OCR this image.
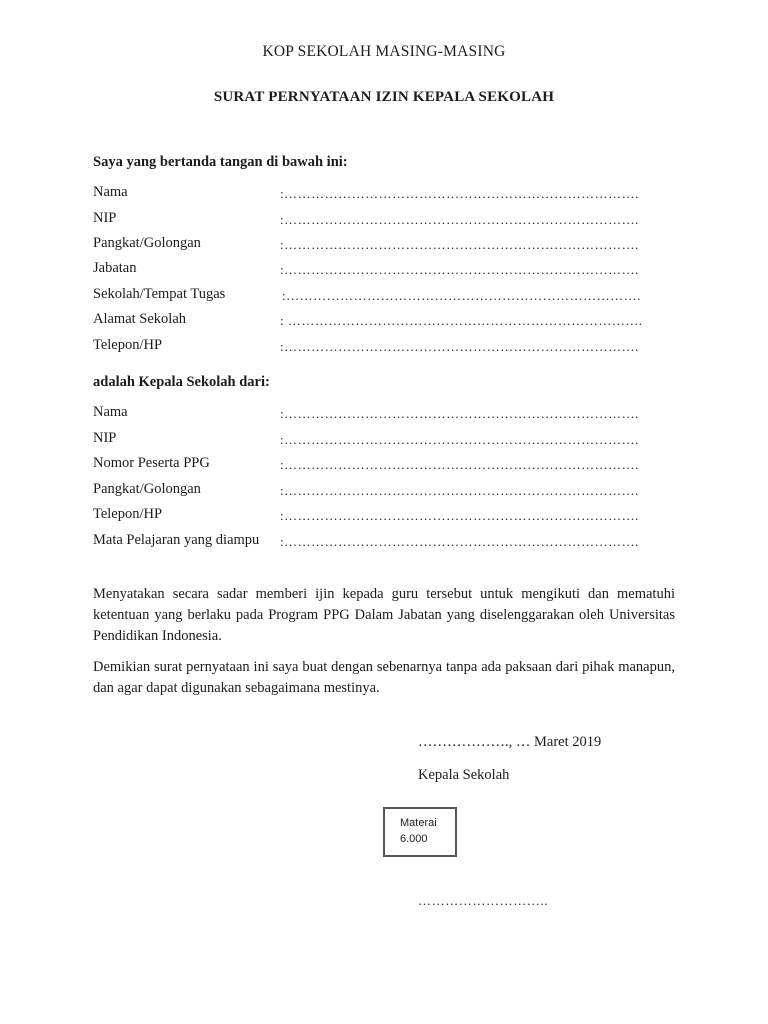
KOP SEKOLAH MASING-MASING
SURAT PERNYATAAN IZIN KEPALA SEKOLAH
Saya yang bertanda tangan di bawah ini:
Nama	:…………………………………………………………………….
NIP	:…………………………………………………………………….
Pangkat/Golongan	:…………………………………………………………………….
Jabatan	:…………………………………………………………………….
Sekolah/Tempat Tugas	:…………………………………………………………………….
Alamat Sekolah	: …………………………………………………………………….
Telepon/HP	:…………………………………………………………………….
adalah Kepala Sekolah dari:
Nama	:…………………………………………………………………….
NIP	:…………………………………………………………………….
Nomor Peserta PPG	:…………………………………………………………………….
Pangkat/Golongan	:…………………………………………………………………….
Telepon/HP	:…………………………………………………………………….
Mata Pelajaran yang diampu :…………………………………………………………………….
Menyatakan secara sadar memberi ijin kepada guru tersebut untuk mengikuti dan mematuhi ketentuan yang berlaku pada Program PPG Dalam Jabatan yang diselenggarakan oleh Universitas Pendidikan Indonesia.
Demikian surat pernyataan ini saya buat dengan sebenarnya tanpa ada paksaan dari pihak manapun, dan agar dapat digunakan sebagaimana mestinya.
………………., … Maret 2019
Kepala Sekolah
Materai
6.000
………………………..
